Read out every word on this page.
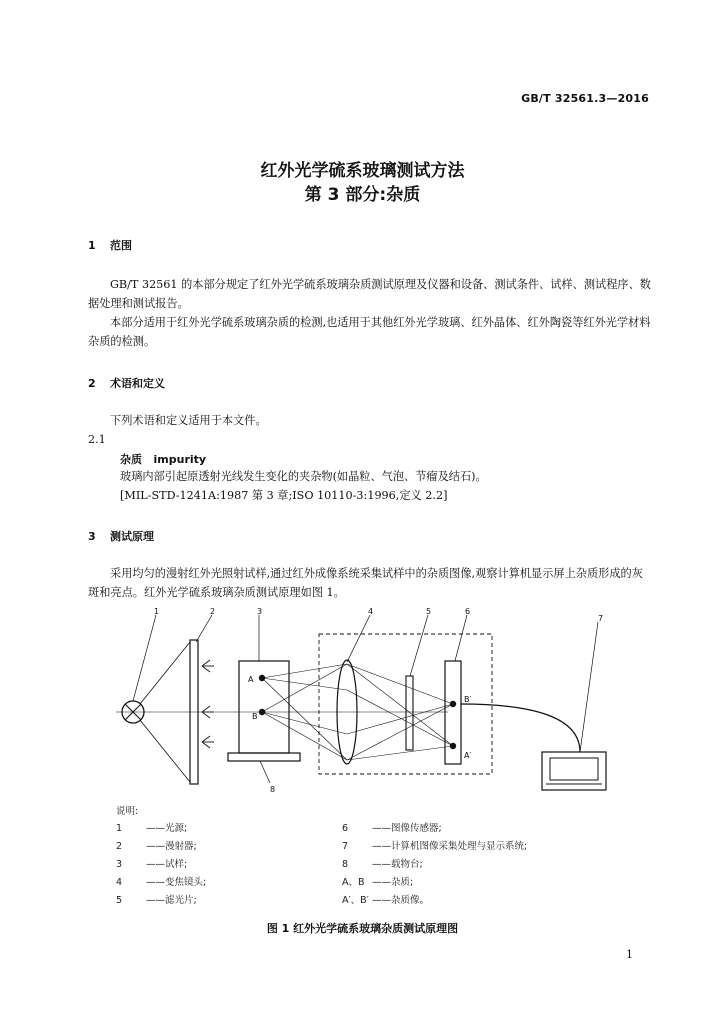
GB/T 32561.3—2016
红外光学硫系玻璃测试方法
第 3 部分:杂质
1 范围

GB/T 32561 的本部分规定了红外光学硫系玻璃杂质测试原理及仪器和设备、测试条件、试样、测试程序、数据处理和测试报告。

本部分适用于红外光学硫系玻璃杂质的检测,也适用于其他红外光学玻璃、红外晶体、红外陶瓷等红外光学材料杂质的检测。

2 术语和定义
下列术语和定义适用于本文件。
2.1
杂质 impurity
玻璃内部引起原透射光线发生变化的夹杂物(如晶粒、气泡、节瘤及结石)。
[MIL-STD-1241A:1987 第 3 章;ISO 10110-3:1996,定义 2.2]
3 测试原理

采用均匀的漫射红外光照射试样,通过红外成像系统采集试样中的杂质图像,观察计算机显示屏上杂质形成的灰斑和亮点。红外光学硫系玻璃杂质测试原理如图 1。

1	2	3	4	5	6
7
8
A
B
B′
A′
说明:
1	——光源;
2	——漫射器;
3	——试样;
4	——变焦镜头;
5	——滤光片;
6	——图像传感器;
7	——计算机图像采集处理与显示系统;
8	——载物台;
A、B ——杂质;
A′、B′ ——杂质像。
图 1 红外光学硫系玻璃杂质测试原理图
1
